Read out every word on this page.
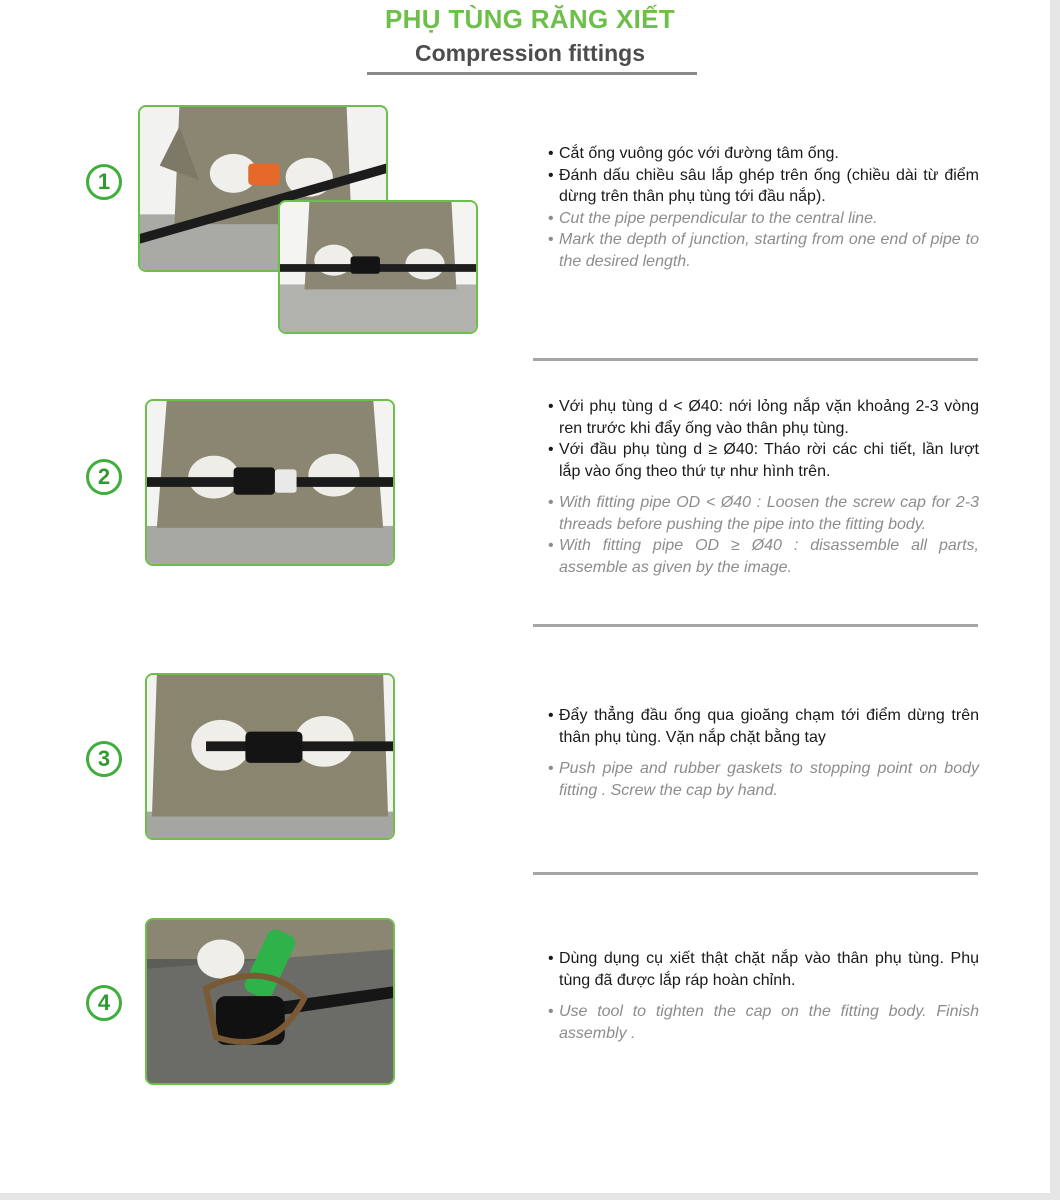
PHỤ TÙNG RĂNG XIẾT
Compression fittings
1
• Cắt ống vuông góc với đường tâm ống.
• Đánh dấu chiều sâu lắp ghép trên ống (chiều dài từ điểm dừng trên thân phụ tùng tới đầu nắp).
• Cut the pipe perpendicular to the central line.
• Mark the depth of junction, starting from one end of pipe to the desired length.
2
• Với phụ tùng d < Ø40: nới lỏng nắp vặn khoảng 2-3 vòng ren trước khi đẩy ống vào thân phụ tùng.
• Với đầu phụ tùng d ≥ Ø40: Tháo rời các chi tiết, lần lượt lắp vào ống theo thứ tự như hình trên.
• With fitting pipe OD < Ø40 : Loosen the screw cap for 2-3 threads before pushing the pipe into the fitting body.
• With fitting pipe OD ≥ Ø40 : disassemble all parts, assemble as given by the image.
3
• Đẩy thẳng đầu ống qua gioăng chạm tới điểm dừng trên thân phụ tùng. Vặn nắp chặt bằng tay
• Push pipe and rubber gaskets to stopping point on body fitting . Screw the cap by hand.
4
• Dùng dụng cụ xiết thật chặt nắp vào thân phụ tùng. Phụ tùng đã được lắp ráp hoàn chỉnh.
• Use tool to tighten the cap on the fitting body. Finish assembly .
